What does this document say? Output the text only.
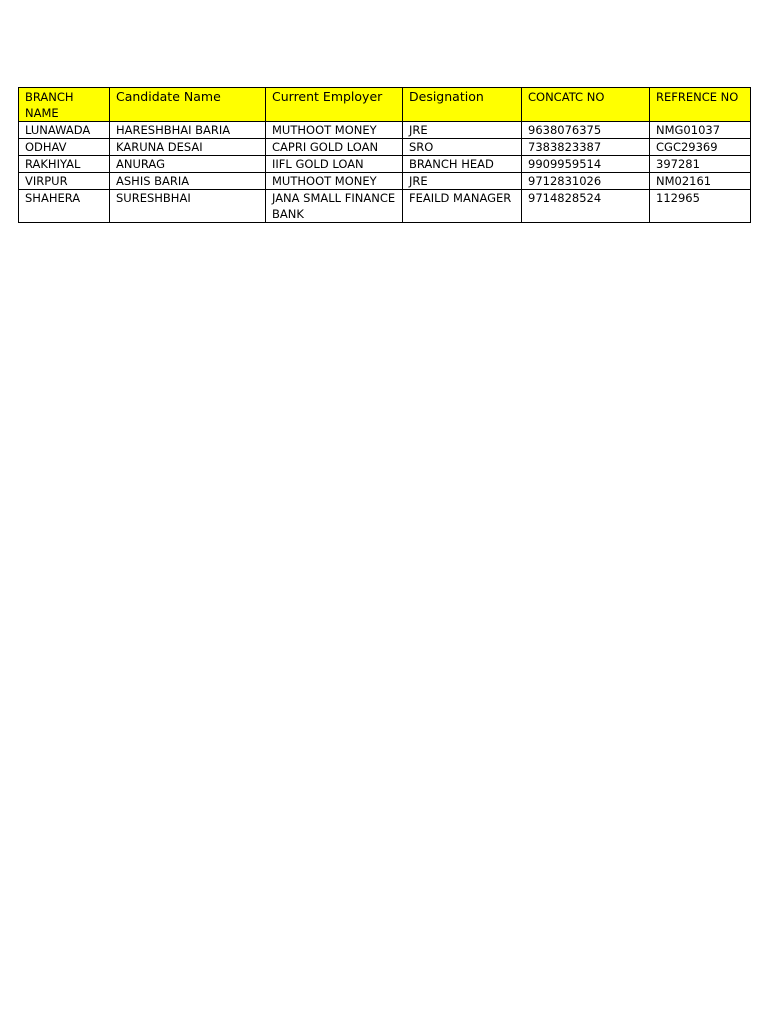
BRANCH NAME	Candidate Name	Current Employer	Designation	CONCATC NO	REFRENCE NO
LUNAWADA	HARESHBHAI BARIA	MUTHOOT MONEY	JRE	9638076375	NMG01037
ODHAV	KARUNA DESAI	CAPRI GOLD LOAN	SRO	7383823387	CGC29369
RAKHIYAL	ANURAG	IIFL GOLD LOAN	BRANCH HEAD	9909959514	397281
VIRPUR	ASHIS BARIA	MUTHOOT MONEY	JRE	9712831026	NM02161
SHAHERA	SURESHBHAI	JANA SMALL FINANCE BANK	FEAILD MANAGER	9714828524	112965
